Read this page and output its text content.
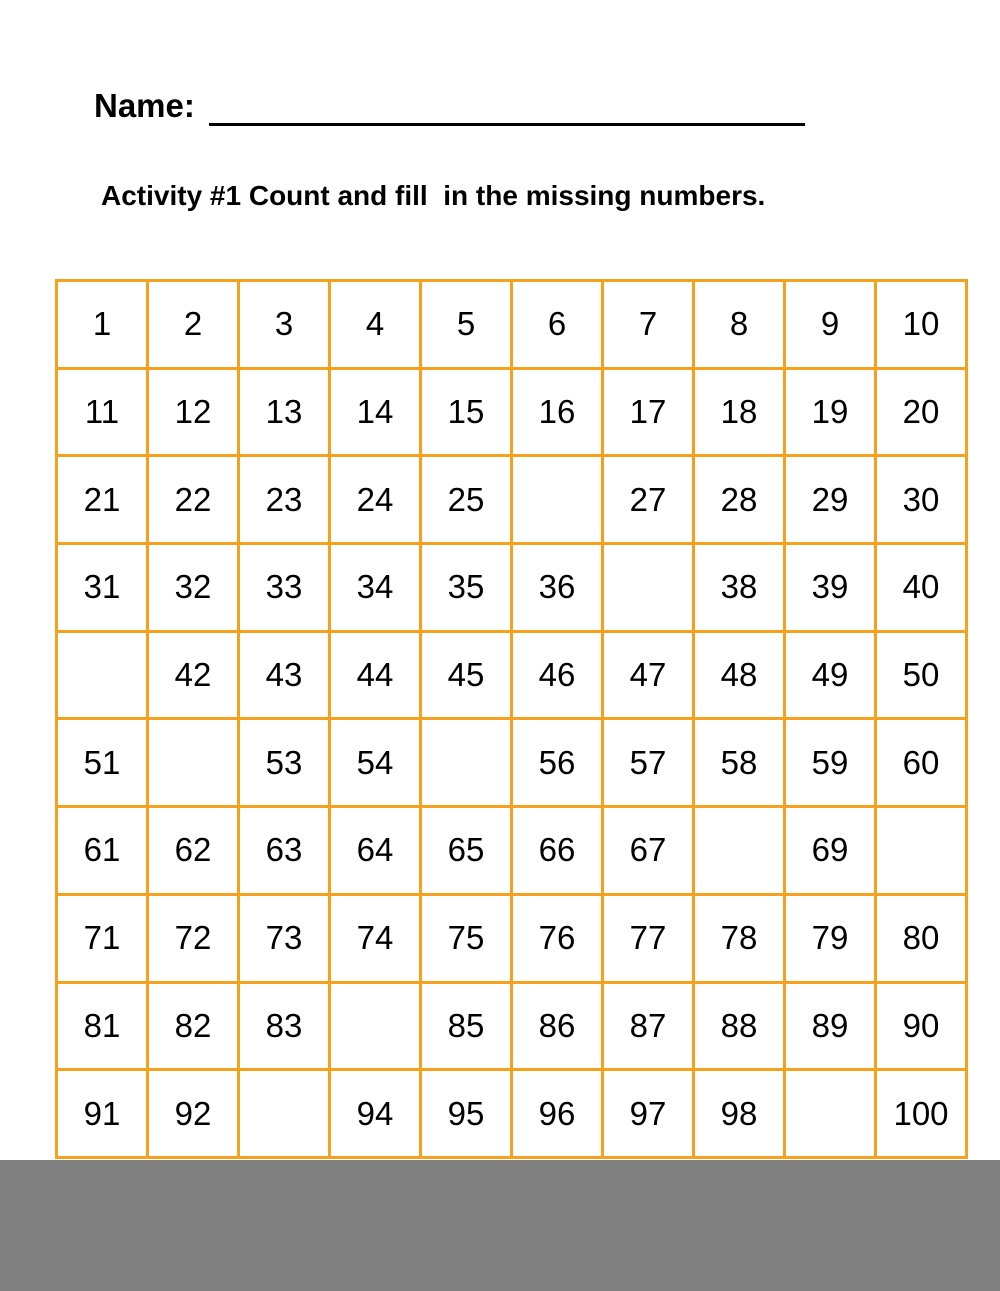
Name:
Activity #1 Count and fill  in the missing numbers.
1	2	3	4	5	6	7	8	9	10
11	12	13	14	15	16	17	18	19	20
21	22	23	24	25		27	28	29	30
31	32	33	34	35	36		38	39	40
	42	43	44	45	46	47	48	49	50
51		53	54		56	57	58	59	60
61	62	63	64	65	66	67		69	
71	72	73	74	75	76	77	78	79	80
81	82	83		85	86	87	88	89	90
91	92		94	95	96	97	98		100
